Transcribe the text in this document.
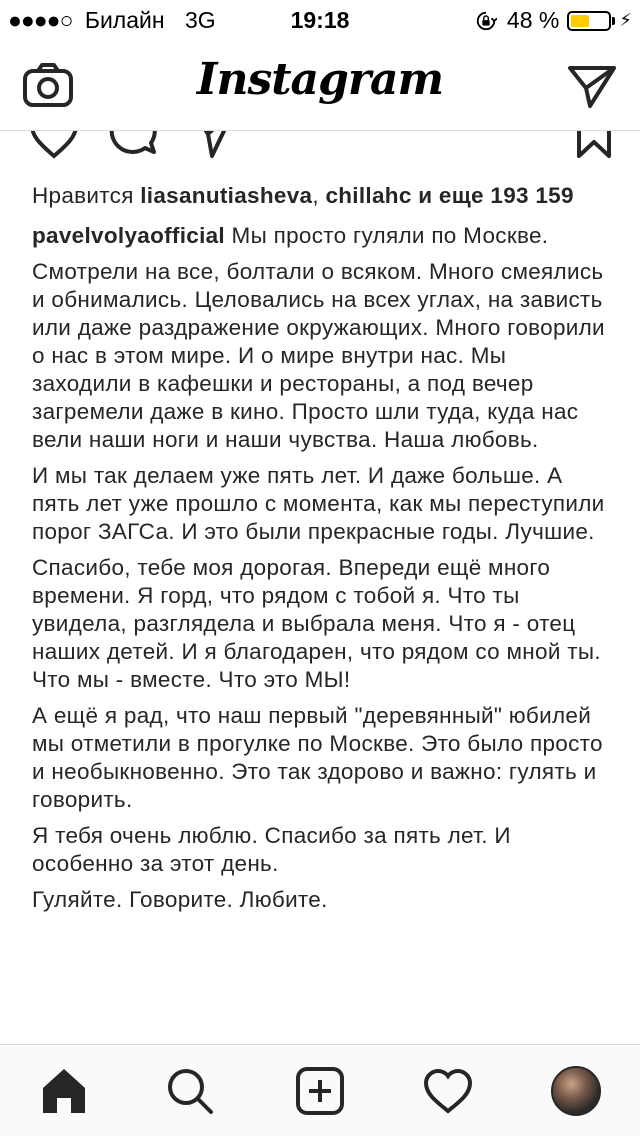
●●●●○ Билайн 3G	19:18	48 %	⚡
Instagram

Нравится liasanutiasheva, chillahc и еще 193 159

pavelvolyaofficial Мы просто гуляли по Москве.

Смотрели на все, болтали о всяком. Много смеялись и обнимались. Целовались на всех углах, на зависть или даже раздражение окружающих. Много говорили о нас в этом мире. И о мире внутри нас. Мы заходили в кафешки и рестораны, а под вечер загремели даже в кино. Просто шли туда, куда нас вели наши ноги и наши чувства. Наша любовь.

И мы так делаем уже пять лет. И даже больше. А пять лет уже прошло с момента, как мы переступили порог ЗАГСа. И это были прекрасные годы. Лучшие.

Спасибо, тебе моя дорогая. Впереди ещё много времени. Я горд, что рядом с тобой я. Что ты увидела, разглядела и выбрала меня. Что я - отец наших детей. И я благодарен, что рядом со мной ты. Что мы - вместе. Что это МЫ!

А ещё я рад, что наш первый "деревянный" юбилей мы отметили в прогулке по Москве. Это было просто и необыкновенно. Это так здорово и важно: гулять и говорить.

Я тебя очень люблю. Спасибо за пять лет. И особенно за этот день.

Гуляйте. Говорите. Любите.
